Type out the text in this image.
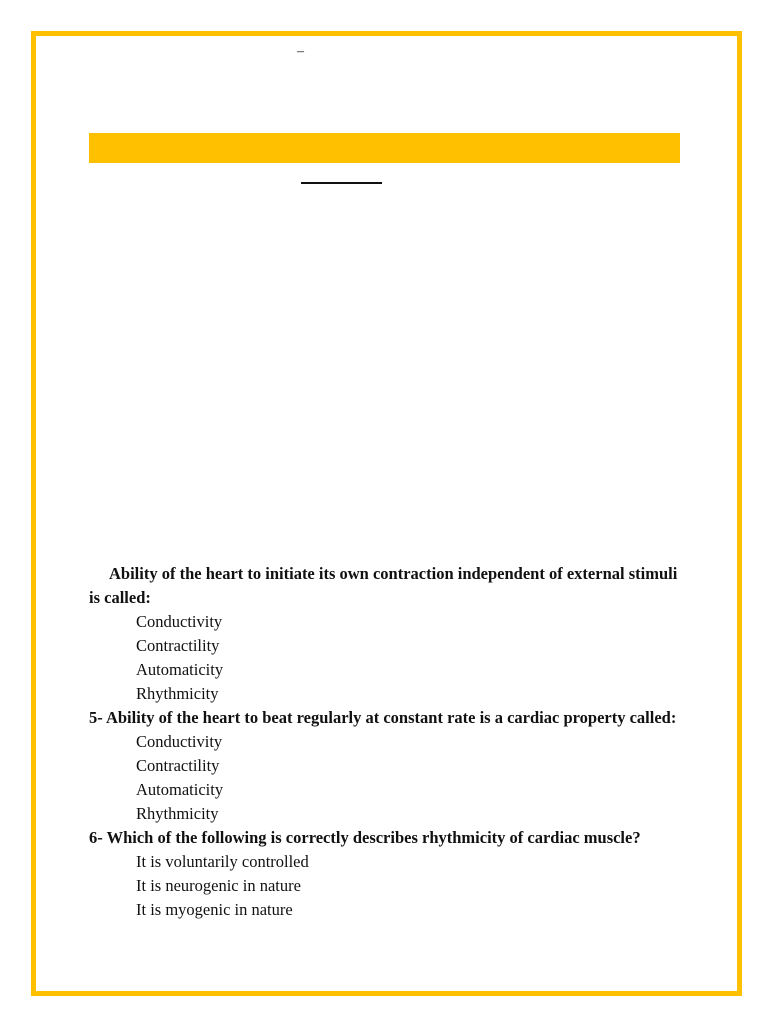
–

Ability of the heart to initiate its own contraction independent of external stimuli is called:

Conductivity
Contractility
Automaticity
Rhythmicity

5- Ability of the heart to beat regularly at constant rate is a cardiac property called:

Conductivity
Contractility
Automaticity
Rhythmicity

6- Which of the following is correctly describes rhythmicity of cardiac muscle?

It is voluntarily controlled
It is neurogenic in nature
It is myogenic in nature
